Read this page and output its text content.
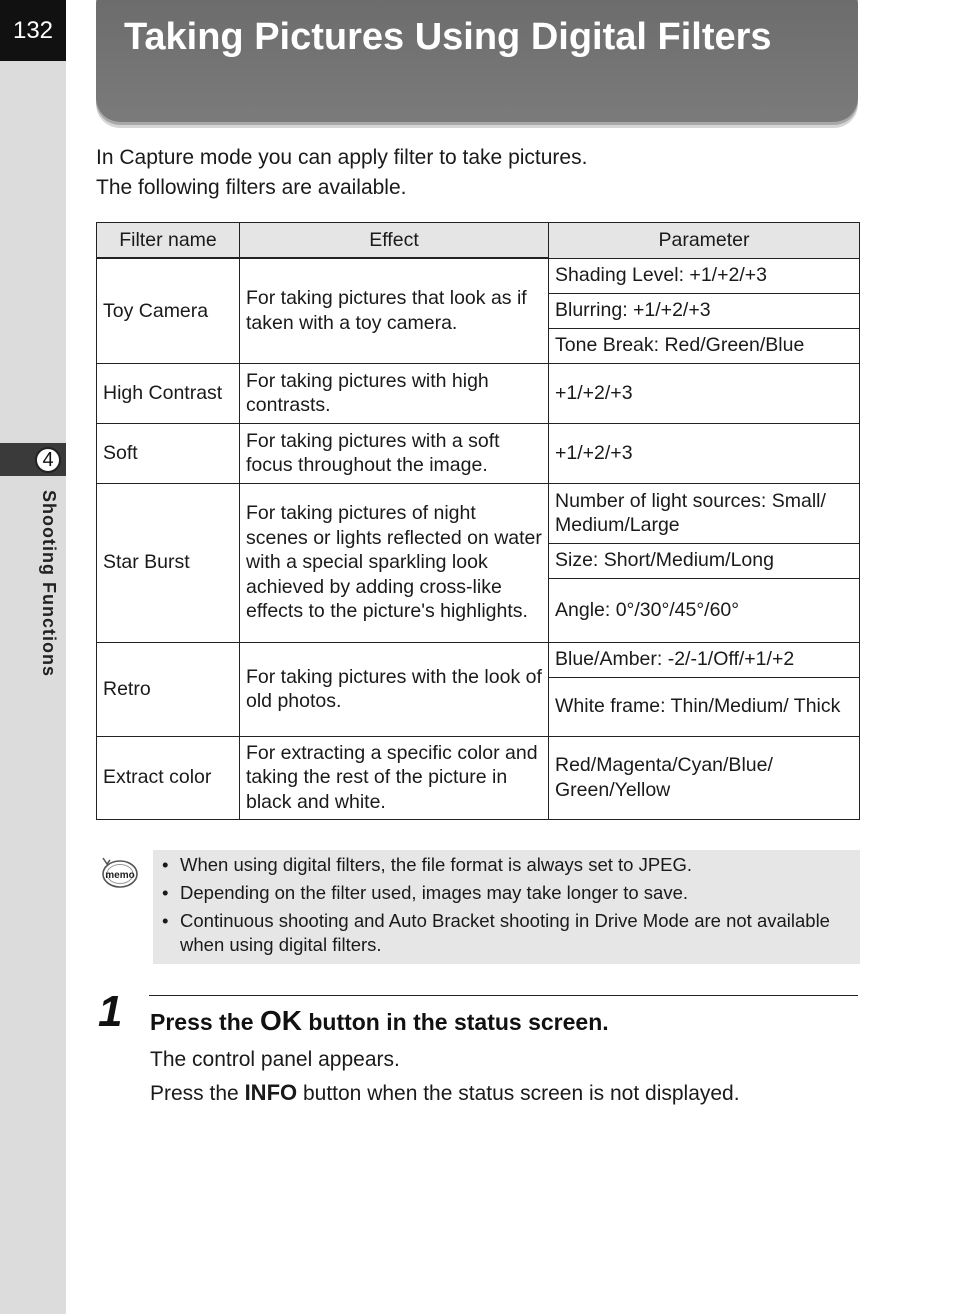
132
4
Shooting Functions
Taking Pictures Using Digital Filters
In Capture mode you can apply filter to take pictures.
The following filters are available.
Filter name	Effect	Parameter
Toy Camera	For taking pictures that look as if taken with a toy camera.	Shading Level: +1/+2/+3
		Blurring: +1/+2/+3
		Tone Break: Red/Green/Blue
High Contrast	For taking pictures with high contrasts.	+1/+2/+3
Soft	For taking pictures with a soft focus throughout the image.	+1/+2/+3
Star Burst	For taking pictures of night scenes or lights reflected on water with a special sparkling look achieved by adding cross-like effects to the picture's highlights.	Number of light sources: Small/ Medium/Large
		Size: Short/Medium/Long
		Angle: 0°/30°/45°/60°
Retro	For taking pictures with the look of old photos.	Blue/Amber: -2/-1/Off/+1/+2
		White frame: Thin/Medium/ Thick
Extract color	For extracting a specific color and taking the rest of the picture in black and white.	Red/Magenta/Cyan/Blue/ Green/Yellow
memo
• When using digital filters, the file format is always set to JPEG.
• Depending on the filter used, images may take longer to save.
• Continuous shooting and Auto Bracket shooting in Drive Mode are not available when using digital filters.
1 Press the OK button in the status screen.
The control panel appears.
Press the INFO button when the status screen is not displayed.
